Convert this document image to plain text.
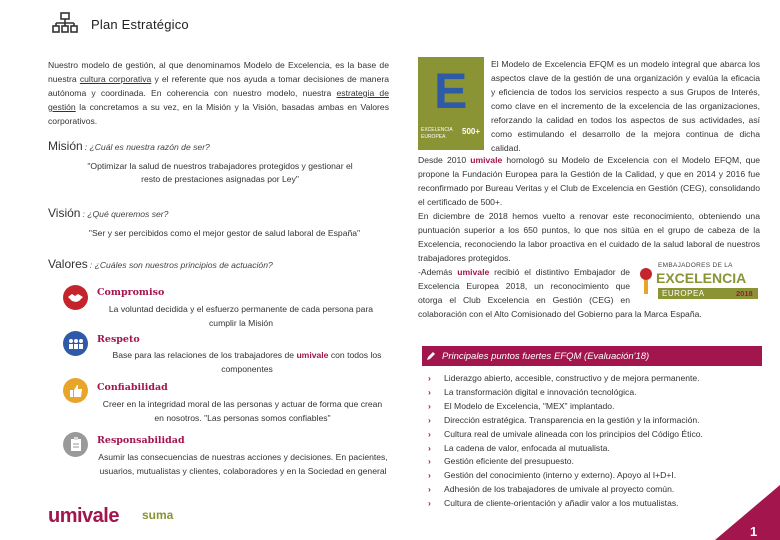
Plan Estratégico

Nuestro modelo de gestión, al que denominamos Modelo de Excelencia, es la base de nuestra cultura corporativa y el referente que nos ayuda a tomar decisiones de manera autónoma y coordinada. En coherencia con nuestro modelo, nuestra estrategia de gestión la concretamos a su vez, en la Misión y la Visión, basadas ambas en Valores corporativos.

Misión : ¿Cuál es nuestra razón de ser?

"Optimizar la salud de nuestros trabajadores protegidos y gestionar el resto de prestaciones asignadas por Ley"

Visión : ¿Qué queremos ser?

"Ser y ser percibidos como el mejor gestor de salud laboral de España"

Valores : ¿Cuáles son nuestros principios de actuación?
Compromiso

La voluntad decidida y el esfuerzo permanente de cada persona para cumplir la Misión

Respeto

Base para las relaciones de los trabajadores de umivale con todos los componentes

Confiabilidad

Creer en la integridad moral de las personas y actuar de forma que crean en nosotros. "Las personas somos confiables"

Responsabilidad

Asumir las consecuencias de nuestras acciones y decisiones. En pacientes, usuarios, mutualistas y clientes, colaboradores y en la Sociedad en general

E
EXCELENCIA
EUROPEA
500+

El Modelo de Excelencia EFQM es un modelo integral que abarca los aspectos clave de la gestión de una organización y evalúa la eficacia y eficiencia de todos los servicios respecto a sus Grupos de Interés, como clave en el incremento de la excelencia de las organizaciones, reforzando la calidad en todos los aspectos de sus actividades, así como estimulando el desarrollo de la mejora continua de dicha calidad.

Desde 2010 umivale homologó su Modelo de Excelencia con el Modelo EFQM, que propone la Fundación Europea para la Gestión de la Calidad, y que en 2014 y 2016 fue reconfirmado por Bureau Veritas y el Club de Excelencia en Gestión (CEG), consolidando el certificado de 500+.

En diciembre de 2018 hemos vuelto a renovar este reconocimiento, obteniendo una puntuación superior a los 650 puntos, lo que nos sitúa en el grupo de cabeza de la Excelencia, reconociendo la labor proactiva en el cuidado de la salud laboral de nuestros trabajadores protegidos.

-Además umivale recibió el distintivo Embajador de Excelencia Europea 2018, un reconocimiento que otorga el Club Excelencia en Gestión (CEG) en colaboración con el Alto Comisionado del Gobierno para la Marca España.
EMBAJADORES DE LA
EXCELENCIA
EUROPEA	2018
Principales puntos fuertes EFQM (Evaluación'18)
› Liderazgo abierto, accesible, constructivo y de mejora permanente.
› La transformación digital e innovación tecnológica.
› El Modelo de Excelencia, "MEX" implantado.
› Dirección estratégica. Transparencia en la gestión y la información.
› Cultura real de umivale alineada con los principios del Código Ético.
› La cadena de valor, enfocada al mutualista.
› Gestión eficiente del presupuesto.
› Gestión del conocimiento (interno y externo). Apoyo al I+D+I.
› Adhesión de los trabajadores de umivale al proyecto común.
› Cultura de cliente-orientación y añadir valor a los mutualistas.
umivale suma
1
